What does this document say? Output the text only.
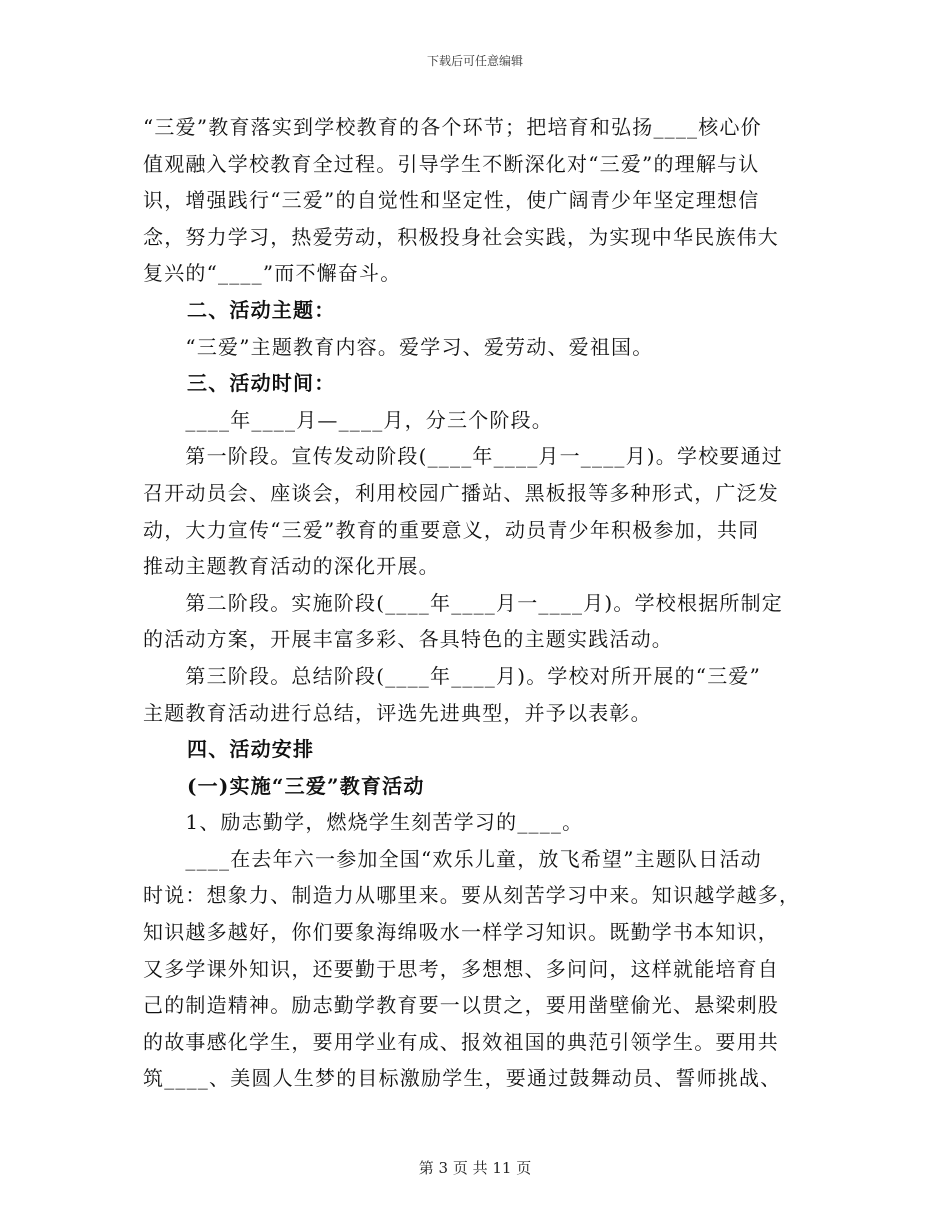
下载后可任意编辑
“三爱”教育落实到学校教育的各个环节；把培育和弘扬____核心价
值观融入学校教育全过程。引导学生不断深化对“三爱”的理解与认
识，增强践行“三爱”的自觉性和坚定性，使广阔青少年坚定理想信
念，努力学习，热爱劳动，积极投身社会实践，为实现中华民族伟大
复兴的“____”而不懈奋斗。
二、活动主题：
　　“三爱”主题教育内容。爱学习、爱劳动、爱祖国。
三、活动时间：
　　____年____月—____月，分三个阶段。
　　第一阶段。宣传发动阶段(____年____月一____月)。学校要通过
召开动员会、座谈会，利用校园广播站、黑板报等多种形式，广泛发
动，大力宣传“三爱”教育的重要意义，动员青少年积极参加，共同
推动主题教育活动的深化开展。
　　第二阶段。实施阶段(____年____月一____月)。学校根据所制定
的活动方案，开展丰富多彩、各具特色的主题实践活动。
　　第三阶段。总结阶段(____年____月)。学校对所开展的“三爱”
主题教育活动进行总结，评选先进典型，并予以表彰。
四、活动安排
(一)实施“三爱”教育活动
　　1、励志勤学，燃烧学生刻苦学习的____。
　　____在去年六一参加全国“欢乐儿童，放飞希望”主题队日活动
时说：想象力、制造力从哪里来。要从刻苦学习中来。知识越学越多，
知识越多越好，你们要象海绵吸水一样学习知识。既勤学书本知识，
又多学课外知识，还要勤于思考，多想想、多问问，这样就能培育自
己的制造精神。励志勤学教育要一以贯之，要用凿壁偷光、悬梁刺股
的故事感化学生，要用学业有成、报效祖国的典范引领学生。要用共
筑____、美圆人生梦的目标激励学生，要通过鼓舞动员、誓师挑战、
第 3 页 共 11 页
